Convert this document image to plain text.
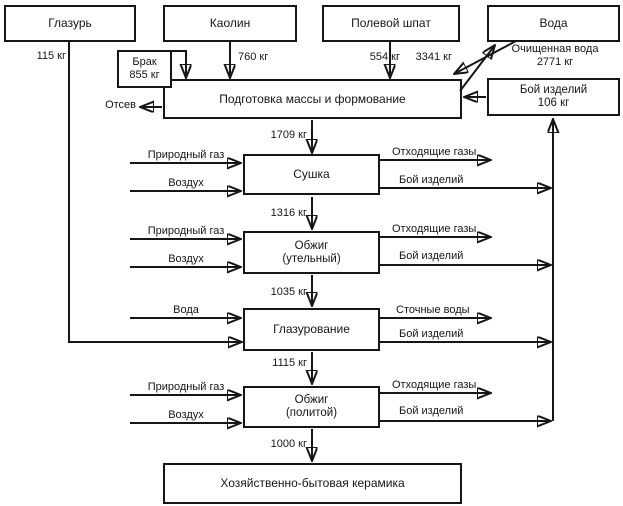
Глазурь	Каолин	Полевой шпат	Вода
Брак
855 кг
Бой изделий
106 кг
Подготовка массы и формование
Сушка
Обжиг
(утельный)
Глазурование
Обжиг
(политой)
Хозяйственно-бытовая керамика
115 кг	760 кг	554 кг	3341 кг
Очищенная вода
2771 кг
Отсев
1709 кг
1316 кг
1035 кг
1115 кг
1000 кг
Природный газ
Воздух
Природный газ
Воздух
Вода
Природный газ
Воздух
Отходящие газы
Бой изделий
Отходящие газы
Бой изделий
Сточные воды
Бой изделий
Отходящие газы
Бой изделий
